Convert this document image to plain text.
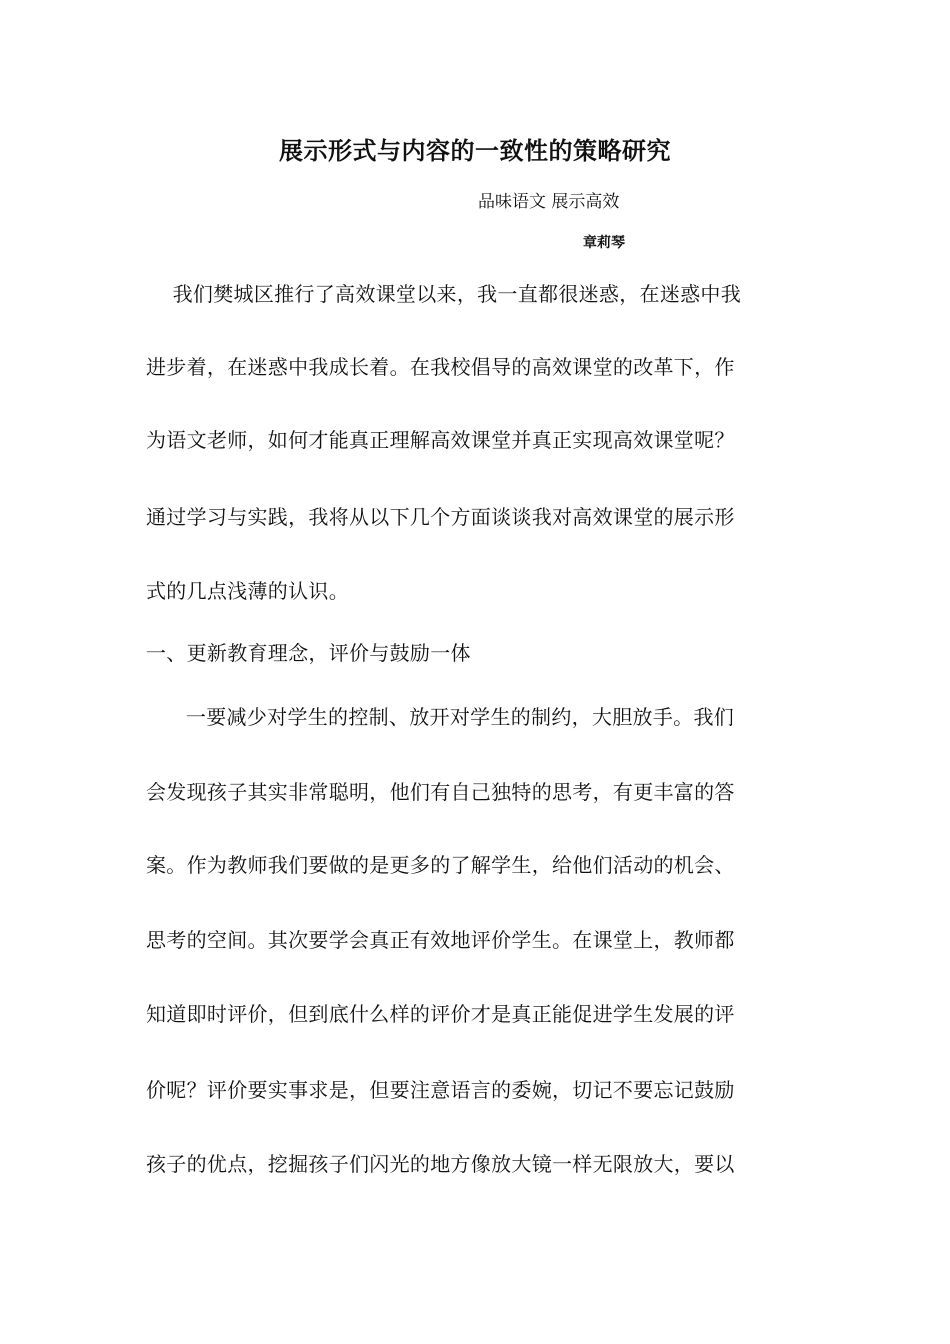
展示形式与内容的一致性的策略研究
品味语文 展示高效
章莉琴
我们樊城区推行了高效课堂以来，我一直都很迷惑，在迷惑中我
进步着，在迷惑中我成长着。在我校倡导的高效课堂的改革下，作
为语文老师，如何才能真正理解高效课堂并真正实现高效课堂呢？
通过学习与实践，我将从以下几个方面谈谈我对高效课堂的展示形
式的几点浅薄的认识。
一、更新教育理念，评价与鼓励一体
一要减少对学生的控制、放开对学生的制约，大胆放手。我们
会发现孩子其实非常聪明，他们有自己独特的思考，有更丰富的答
案。作为教师我们要做的是更多的了解学生，给他们活动的机会、
思考的空间。其次要学会真正有效地评价学生。在课堂上，教师都
知道即时评价，但到底什么样的评价才是真正能促进学生发展的评
价呢？评价要实事求是，但要注意语言的委婉，切记不要忘记鼓励
孩子的优点，挖掘孩子们闪光的地方像放大镜一样无限放大，要以
